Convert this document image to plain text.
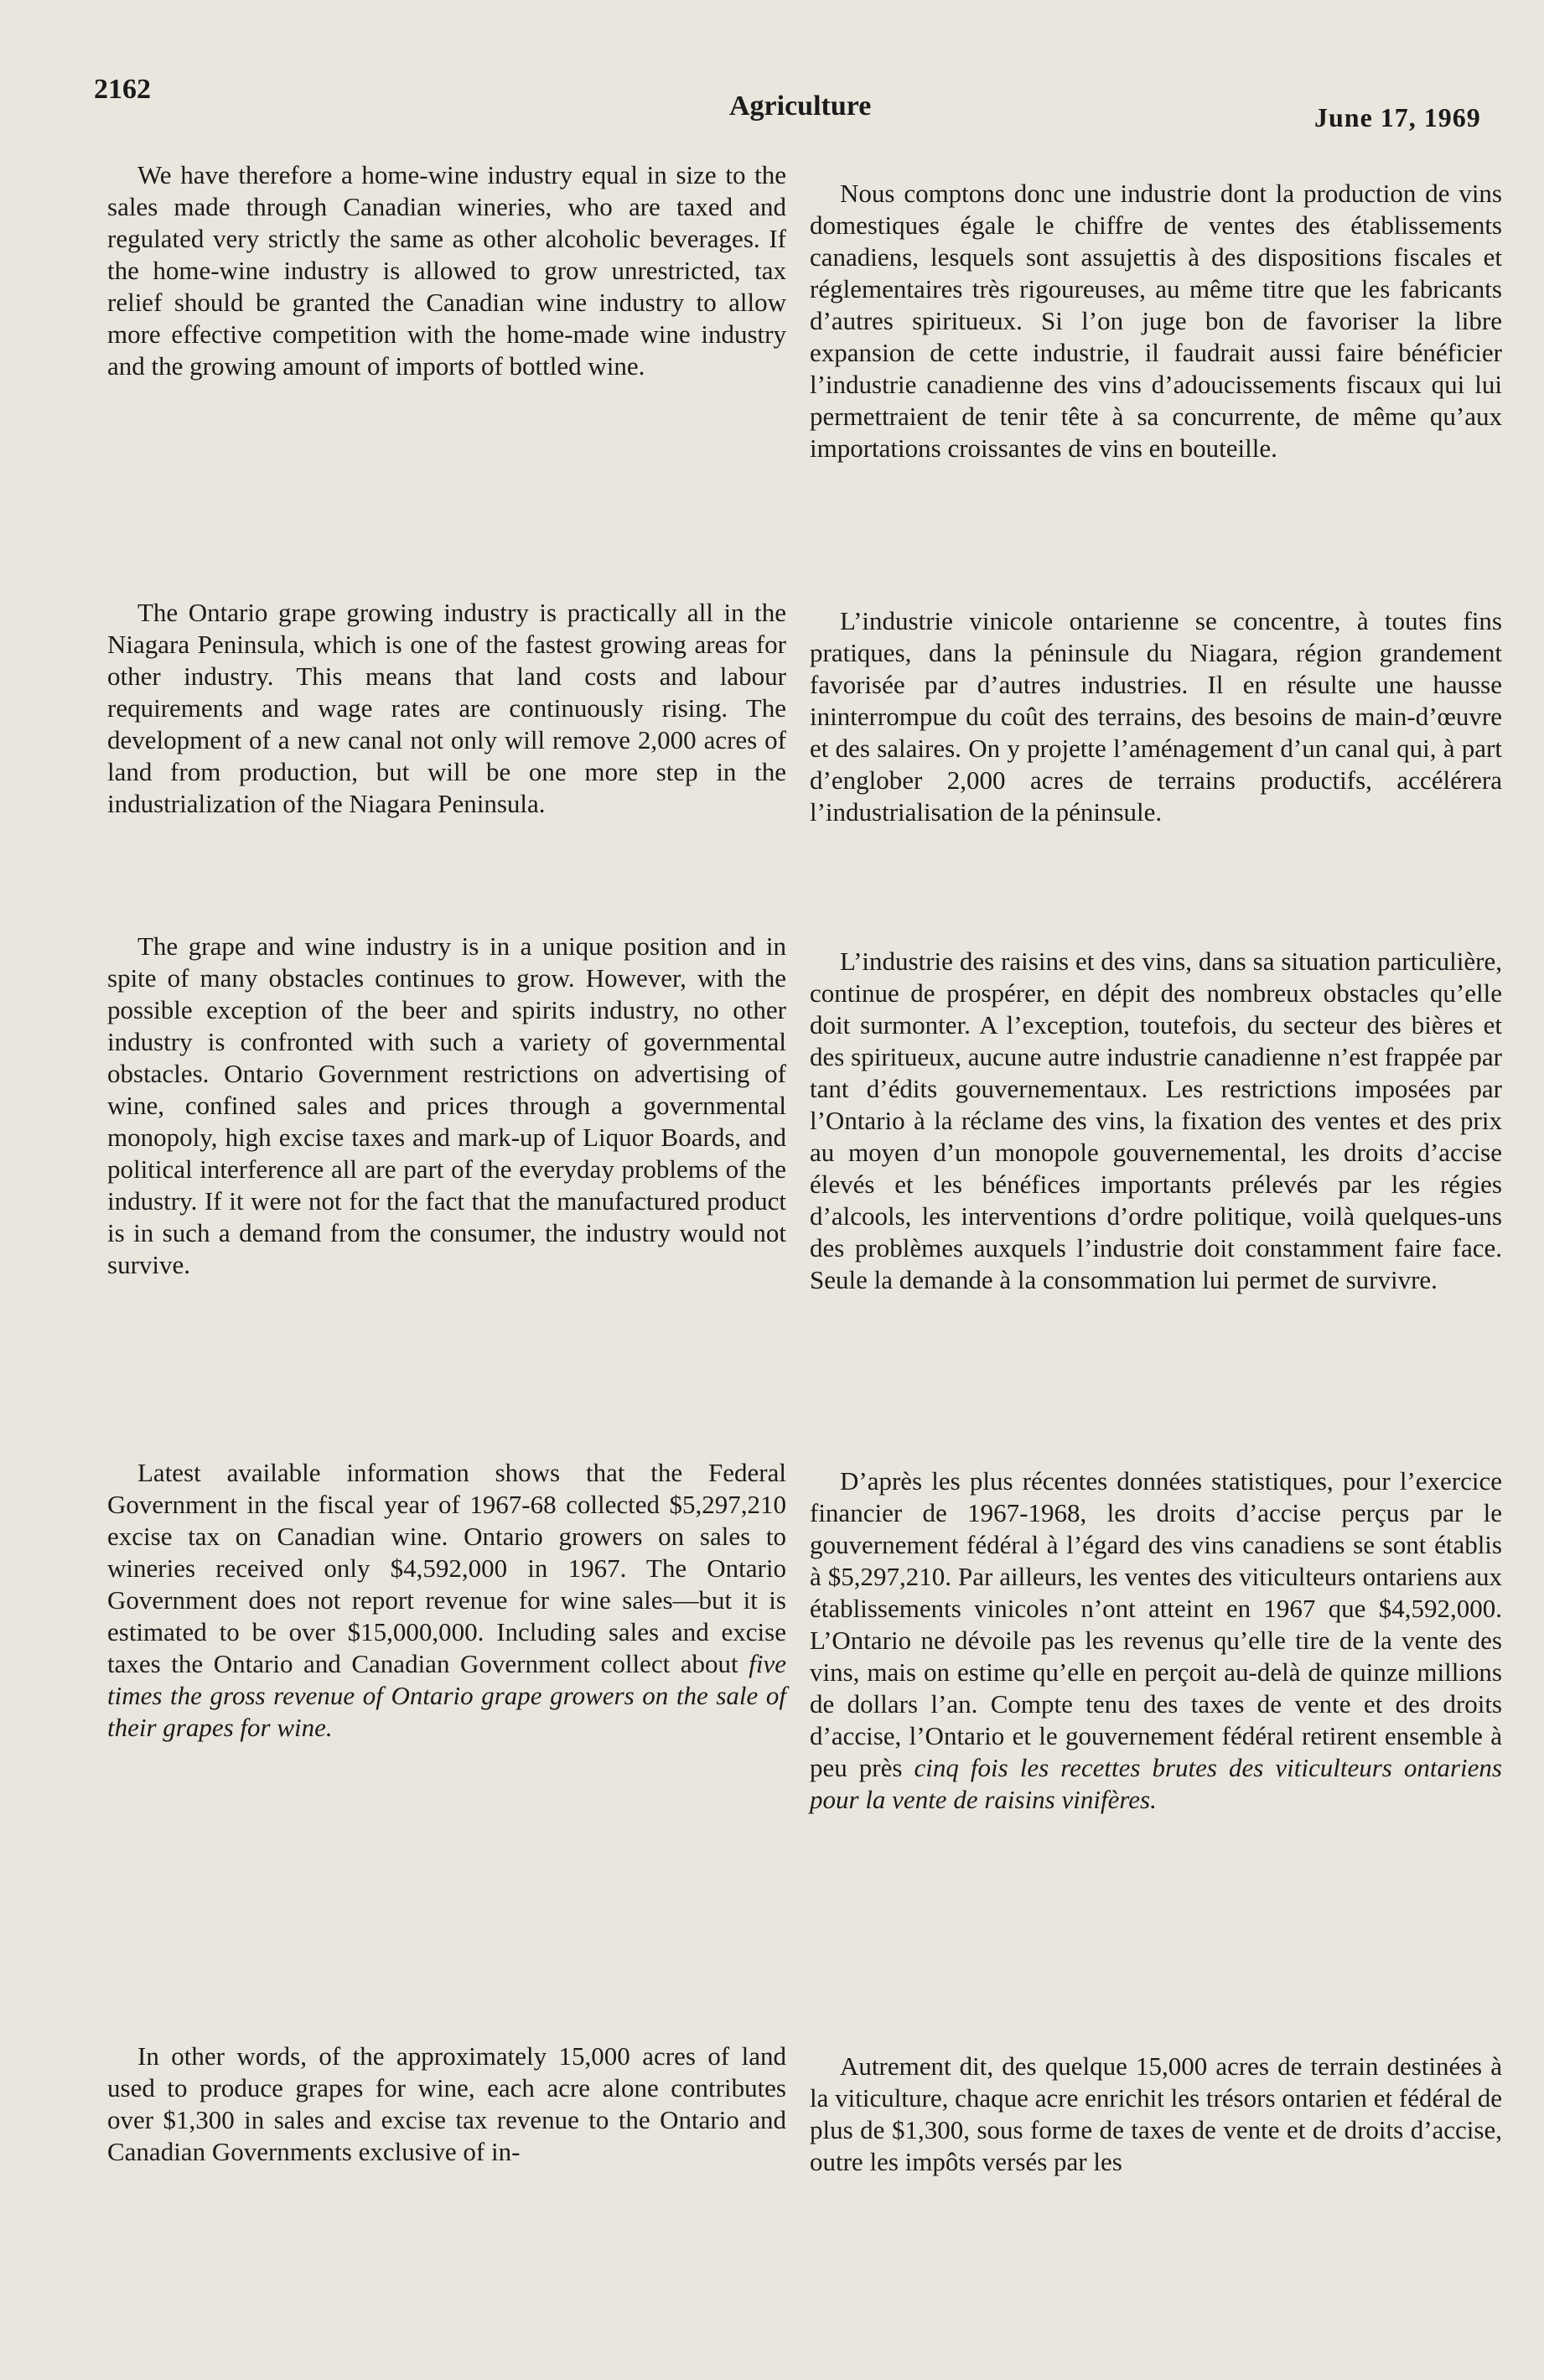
2162
Agriculture	June 17, 1969

We have therefore a home-wine industry equal in size to the sales made through Canadian wineries, who are taxed and regulated very strictly the same as other alcoholic beverages. If the home-wine industry is allowed to grow unrestricted, tax relief should be granted the Canadian wine industry to allow more effective competition with the home-made wine industry and the growing amount of imports of bottled wine.

The Ontario grape growing industry is practically all in the Niagara Peninsula, which is one of the fastest growing areas for other industry. This means that land costs and labour requirements and wage rates are continuously rising. The development of a new canal not only will remove 2,000 acres of land from production, but will be one more step in the industrialization of the Niagara Peninsula.

The grape and wine industry is in a unique position and in spite of many obstacles continues to grow. However, with the possible exception of the beer and spirits industry, no other industry is confronted with such a variety of governmental obstacles. Ontario Government restrictions on advertising of wine, confined sales and prices through a governmental monopoly, high excise taxes and mark-up of Liquor Boards, and political interference all are part of the everyday problems of the industry. If it were not for the fact that the manufactured product is in such a demand from the consumer, the industry would not survive.

Latest available information shows that the Federal Government in the fiscal year of 1967-68 collected $5,297,210 excise tax on Canadian wine. Ontario growers on sales to wineries received only $4,592,000 in 1967. The Ontario Government does not report revenue for wine sales—but it is estimated to be over $15,000,000. Including sales and excise taxes the Ontario and Canadian Government collect about five times the gross revenue of Ontario grape growers on the sale of their grapes for wine.

In other words, of the approximately 15,000 acres of land used to produce grapes for wine, each acre alone contributes over $1,300 in sales and excise tax revenue to the Ontario and Canadian Governments exclusive of in-

Nous comptons donc une industrie dont la production de vins domestiques égale le chiffre de ventes des établissements canadiens, lesquels sont assujettis à des dispositions fiscales et réglementaires très rigoureuses, au même titre que les fabricants d’autres spiritueux. Si l’on juge bon de favoriser la libre expansion de cette industrie, il faudrait aussi faire bénéficier l’industrie canadienne des vins d’adoucissements fiscaux qui lui permettraient de tenir tête à sa concurrente, de même qu’aux importations croissantes de vins en bouteille.

L’industrie vinicole ontarienne se concentre, à toutes fins pratiques, dans la péninsule du Niagara, région grandement favorisée par d’autres industries. Il en résulte une hausse ininterrompue du coût des terrains, des besoins de main-d’œuvre et des salaires. On y projette l’aménagement d’un canal qui, à part d’englober 2,000 acres de terrains productifs, accélérera l’industrialisation de la péninsule.

L’industrie des raisins et des vins, dans sa situation particulière, continue de prospérer, en dépit des nombreux obstacles qu’elle doit surmonter. A l’exception, toutefois, du secteur des bières et des spiritueux, aucune autre industrie canadienne n’est frappée par tant d’édits gouvernementaux. Les restrictions imposées par l’Ontario à la réclame des vins, la fixation des ventes et des prix au moyen d’un monopole gouvernemental, les droits d’accise élevés et les bénéfices importants prélevés par les régies d’alcools, les interventions d’ordre politique, voilà quelques-uns des problèmes auxquels l’industrie doit constamment faire face. Seule la demande à la consommation lui permet de survivre.

D’après les plus récentes données statistiques, pour l’exercice financier de 1967-1968, les droits d’accise perçus par le gouvernement fédéral à l’égard des vins canadiens se sont établis à $5,297,210. Par ailleurs, les ventes des viticulteurs ontariens aux établissements vinicoles n’ont atteint en 1967 que $4,592,000. L’Ontario ne dévoile pas les revenus qu’elle tire de la vente des vins, mais on estime qu’elle en perçoit au-delà de quinze millions de dollars l’an. Compte tenu des taxes de vente et des droits d’accise, l’Ontario et le gouvernement fédéral retirent ensemble à peu près cinq fois les recettes brutes des viticulteurs ontariens pour la vente de raisins vinifères.

Autrement dit, des quelque 15,000 acres de terrain destinées à la viticulture, chaque acre enrichit les trésors ontarien et fédéral de plus de $1,300, sous forme de taxes de vente et de droits d’accise, outre les impôts versés par les
